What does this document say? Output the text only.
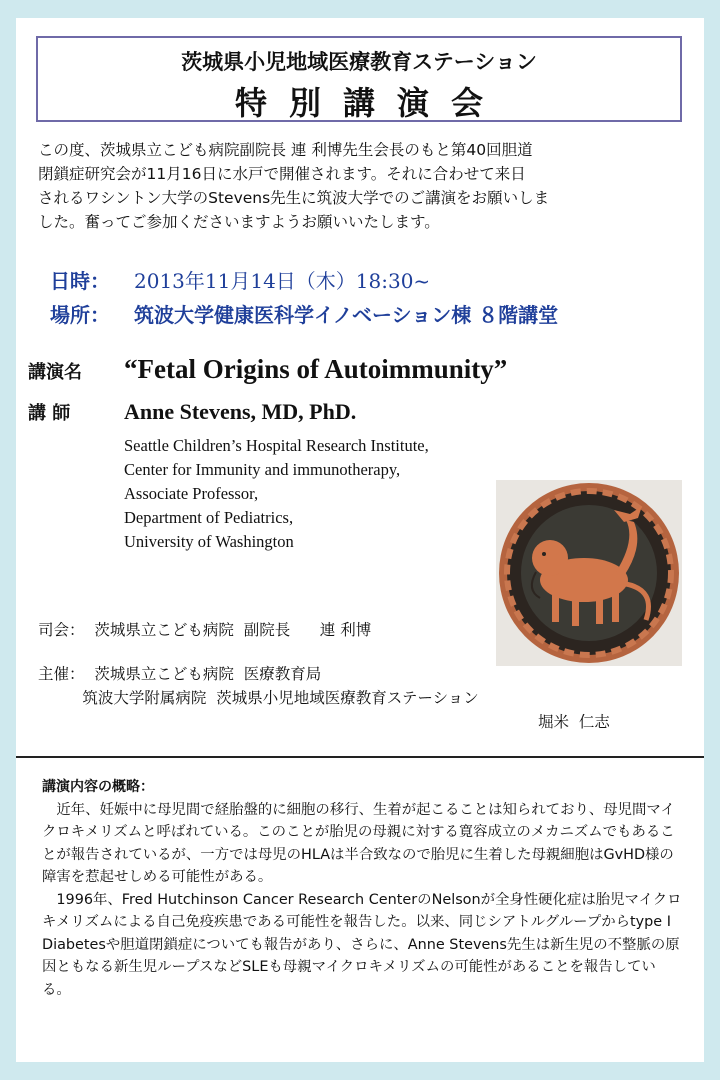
茨城県小児地域医療教育ステーション
特別講演会
この度、茨城県立こども病院副院長 連 利博先生会長のもと第40回胆道
閉鎖症研究会が11月16日に水戸で開催されます。それに合わせて来日
されるワシントン大学のStevens先生に筑波大学でのご講演をお願いしま
した。奮ってご参加くださいますようお願いいたします。
日時： 2013年11月14日（木）18:30~
場所： 筑波大学健康医科学イノベーション棟 ８階講堂
講演名	“Fetal Origins of Autoimmunity”
講 師	Anne Stevens, MD, PhD.
Seattle Children’s Hospital Research Institute,
Center for Immunity and immunotherapy,
Associate Professor,
Department of Pediatrics,
University of Washington
司会：  茨城県立こども病院  副院長      連 利博
主催：  茨城県立こども病院  医療教育局
筑波大学附属病院  茨城県小児地域医療教育ステーション
堀米  仁志
講演内容の概略：

近年、妊娠中に母児間で経胎盤的に細胞の移行、生着が起こることは知られており、母児間マイクロキメリズムと呼ばれている。このことが胎児の母親に対する寛容成立のメカニズムでもあることが報告されているが、一方では母児のHLAは半合致なので胎児に生着した母親細胞はGvHD様の障害を惹起せしめる可能性がある。

1996年、Fred Hutchinson Cancer Research CenterのNelsonが全身性硬化症は胎児マイクロキメリズムによる自己免疫疾患である可能性を報告した。以来、同じシアトルグループからtype I Diabetesや胆道閉鎖症についても報告があり、さらに、Anne Stevens先生は新生児の不整脈の原因ともなる新生児ループスなどSLEも母親マイクロキメリズムの可能性があることを報告している。
